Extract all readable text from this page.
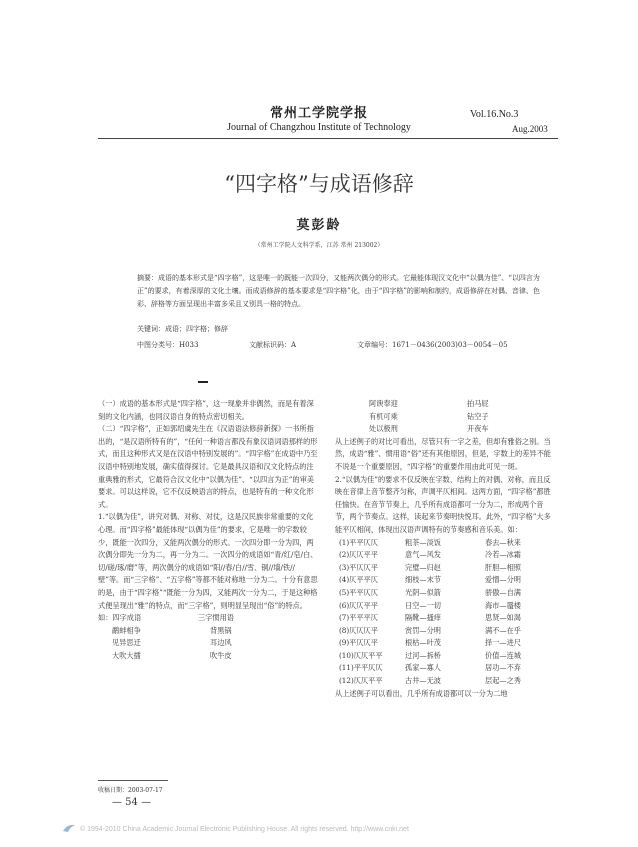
常州工学院学报
Journal of Changzhou Institute of Technology
Vol.16.No.3
Aug.2003
“四字格”与成语修辞
莫彭龄
（常州工学院人文科学系，江苏 常州 213002）
摘要：成语的基本形式是“四字格”，这是唯一的既能一次四分，又能两次偶分的形式。它最能体现汉文化中“以偶为佳”、“以四言为正”的要求，有着深厚的文化土壤。而成语修辞的基本要求是“四字格”化，由于“四字格”的影响和制约，成语修辞在对偶、音律、色彩、辞格等方面呈现出丰富多采且又别具一格的特点。
关键词：成语；四字格；修辞
中图分类号：H033	文献标识码：A	文章编号：1671－0436(2003)03－0054－05

（一）成语的基本形式是“四字格”，这一现象并非偶然，而是有着深刻的文化内涵，也同汉语自身的特点密切相关。

（二）“四字格”，正如郭绍虞先生在《汉语语法修辞新探》一书所指出的，“是汉语所特有的”，“任何一种语言都没有象汉语词语那样的形式，而且这种形式又是在汉语中特别发展的”。“四字格”在成语中乃至汉语中特别地发展，确实值得探讨。它是最具汉语和汉文化特点的注重典雅的形式，它最符合汉文化中“以偶为佳”、“以四言为正”的审美要求。可以这样说，它不仅反映语言的特点，也是特有的一种文化形式。

1.“以偶为佳”，讲究对偶、对称、对仗，这是汉民族非常重要的文化心理。而“四字格”最能体现“以偶为佳”的要求，它是唯一的字数较少，既能一次四分，又能两次偶分的形式。一次四分即一分为四，两次偶分即先一分为二，再一分为二。一次四分的成语如“青/红/皂/白、切/磋/琢/磨”等，两次偶分的成语如“阳//春/白//雪、铜//墙/铁//壁”等。而“三字格”、“五字格”等都不能对称地一分为二。十分有意思的是，由于“四字格”“既能一分为四，又能两次一分为二，于是这种格式便呈现出“雅”的特点，而“三字格”，则明显呈现出“俗”的特点。

如：四字成语	三字惯用语
鹬蚌相争	背黑锅
见异思迁	耳边风
大吹大擂	吹牛皮
阿谀奉迎	拍马屁
有机可乘	钻空子
处以极刑	开夜车

从上述例子的对比可看出，尽管只有一字之差，但却有雅俗之别。当然，成语“雅”、惯用语“俗”还有其他原因，但是，字数上的差异不能不说是一个重要原因，“四字格”的重要作用由此可见一斑。

2.“以偶为佳”的要求不仅反映在字数、结构上的对偶、对称，而且反映在音律上音节整齐匀称，声调平仄相间。这两方面，“四字格”都胜任愉快。在音节节奏上，几乎所有成语都可一分为二，形成两个音节，两个节奏点。这样，读起来节奏明快悦耳。此外，“四字格”大多能平仄相间，体现出汉语声调特有的节奏感和音乐美。如：

(1)平平仄仄	粗茶—淡饭	春去—秋来
(2)仄仄平平	意气—风发	冷若—冰霜
(3)平仄仄平	完璧—归赵	肝胆—相照
(4)仄平平仄	细枝—末节	爱憎—分明
(5)平平仄仄	光阴—似箭	骄傲—自满
(6)仄仄平平	日空—一切	海市—蜃楼
(7)平平平仄	隔靴—搔痒	思贤—如渴
(8)仄仄仄平	赏罚—分明	满不—在乎
(9)平仄仄平	根枯—叶茂	择一—进尺
(10)仄仄平平	过河—拆桥	价值—连城
(11)平平仄仄	孤家—寡人	居功—不弃
(12)仄仄平平	古井—无波	层起—之秀

从上述例子可以看出，几乎所有成语都可以一分为二地

收稿日期：2003-07-17
— 54 —
© 1994-2010 China Academic Journal Electronic Publishing House. All rights reserved. http://www.cnki.net
